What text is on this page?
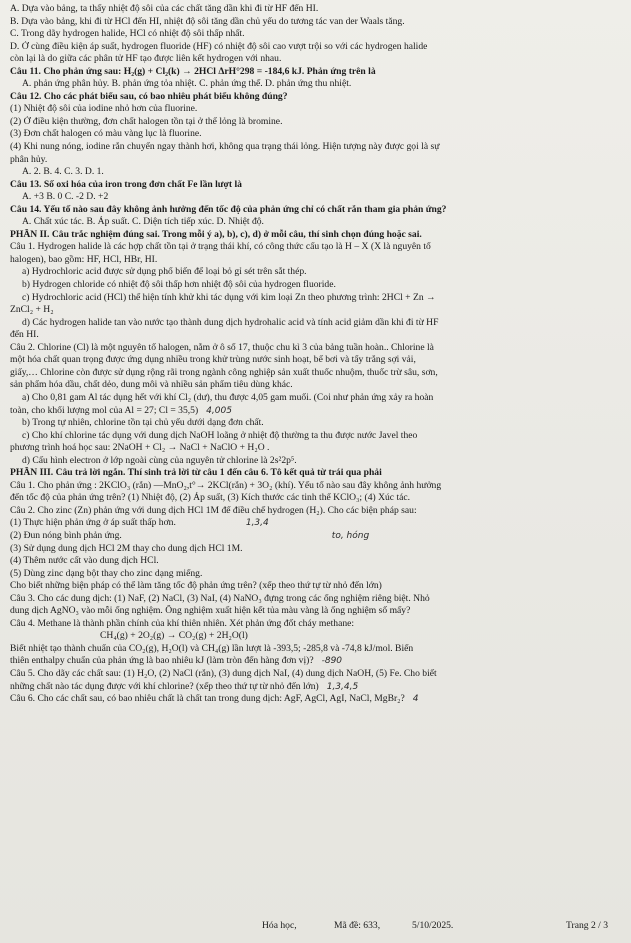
A. Dựa vào bảng, ta thấy nhiệt độ sôi của các chất tăng dần khi đi từ HF đến HI.
B. Dựa vào bảng, khi đi từ HCl đến HI, nhiệt độ sôi tăng dần chủ yếu do tương tác van der Waals tăng.
C. Trong dãy hydrogen halide, HCl có nhiệt độ sôi thấp nhất.
D. Ở cùng điều kiện áp suất, hydrogen fluoride (HF) có nhiệt độ sôi cao vượt trội so với các hydrogen halide
còn lại là do giữa các phân tử HF tạo được liên kết hydrogen với nhau.
Câu 11. Cho phản ứng sau: H₂(g) + Cl₂(k) → 2HCl ΔrH°298 = -184,6 kJ. Phản ứng trên là
A. phản ứng phân hủy. B. phản ứng tỏa nhiệt. C. phản ứng thế. D. phản ứng thu nhiệt.
Câu 12. Cho các phát biểu sau, có bao nhiêu phát biểu không đúng?
(1) Nhiệt độ sôi của iodine nhỏ hơn của fluorine.
(2) Ở điều kiện thường, đơn chất halogen tồn tại ở thể lỏng là bromine.
(3) Đơn chất halogen có màu vàng lục là fluorine.
(4) Khi nung nóng, iodine rắn chuyển ngay thành hơi, không qua trạng thái lỏng. Hiện tượng này được gọi là sự
phân hủy.
A. 2. B. 4. C. 3. D. 1.
Câu 13. Số oxi hóa của iron trong đơn chất Fe lần lượt là
A. +3 B. 0 C. -2 D. +2
Câu 14. Yếu tố nào sau đây không ảnh hưởng đến tốc độ của phản ứng chỉ có chất rắn tham gia phản ứng?
A. Chất xúc tác. B. Áp suất. C. Diện tích tiếp xúc. D. Nhiệt độ.
PHẦN II. Câu trắc nghiệm đúng sai. Trong mỗi ý a), b), c), d) ở mỗi câu, thí sinh chọn đúng hoặc sai.
Câu 1. Hydrogen halide là các hợp chất tồn tại ở trạng thái khí, có công thức cấu tạo là H – X (X là nguyên tố
halogen), bao gồm: HF, HCl, HBr, HI.
a) Hydrochloric acid được sử dụng phổ biến để loại bỏ gỉ sét trên sắt thép.
b) Hydrogen chloride có nhiệt độ sôi thấp hơn nhiệt độ sôi của hydrogen fluoride.
c) Hydrochloric acid (HCl) thể hiện tính khử khi tác dụng với kim loại Zn theo phương trình: 2HCl + Zn →
ZnCl₂ + H₂
d) Các hydrogen halide tan vào nước tạo thành dung dịch hydrohalic acid và tính acid giảm dần khi đi từ HF
đến HI.
Câu 2. Chlorine (Cl) là một nguyên tố halogen, nằm ở ô số 17, thuộc chu kì 3 của bảng tuần hoàn.. Chlorine là
một hóa chất quan trọng được ứng dụng nhiều trong khử trùng nước sinh hoạt, bể bơi và tẩy trắng sợi vải,
giấy,… Chlorine còn được sử dụng rộng rãi trong ngành công nghiệp sản xuất thuốc nhuộm, thuốc trừ sâu, sơn,
sản phẩm hóa dầu, chất dẻo, dung môi và nhiều sản phẩm tiêu dùng khác.
a) Cho 0,81 gam Al tác dụng hết với khí Cl₂ (dư), thu được 4,05 gam muối. (Coi như phản ứng xảy ra hoàn
toàn, cho khối lượng mol của Al = 27; Cl = 35,5) 4,005
b) Trong tự nhiên, chlorine tồn tại chủ yếu dưới dạng đơn chất.
c) Cho khí chlorine tác dụng với dung dịch NaOH loãng ở nhiệt độ thường ta thu được nước Javel theo
phương trình hoá học sau: 2NaOH + Cl₂ → NaCl + NaClO + H₂O .
d) Cấu hình electron ở lớp ngoài cùng của nguyên tử chlorine là 2s²2p⁵.
PHẦN III. Câu trả lời ngắn. Thí sinh trả lời từ câu 1 đến câu 6. Tô kết quả từ trái qua phải
Câu 1. Cho phản ứng : 2KClO₃ (rắn) —MnO₂,t°→ 2KCl(rắn) + 3O₂ (khí). Yếu tố nào sau đây không ảnh hưởng
đến tốc độ của phản ứng trên? (1) Nhiệt độ, (2) Áp suất, (3) Kích thước các tinh thể KClO₃; (4) Xúc tác.
Câu 2. Cho zinc (Zn) phản ứng với dung dịch HCl 1M để điều chế hydrogen (H₂). Cho các biện pháp sau:
(1) Thực hiện phản ứng ở áp suất thấp hơn.	1,3,4
(2) Đun nóng bình phản ứng.	to, hóng
(3) Sử dụng dung dịch HCl 2M thay cho dung dịch HCl 1M.
(4) Thêm nước cất vào dung dịch HCl.
(5) Dùng zinc dạng bột thay cho zinc dạng miếng.
Cho biết những biện pháp có thể làm tăng tốc độ phản ứng trên? (xếp theo thứ tự từ nhỏ đến lớn)
Câu 3. Cho các dung dịch: (1) NaF, (2) NaCl, (3) NaI, (4) NaNO₃ đựng trong các ống nghiệm riêng biệt. Nhỏ
dung dịch AgNO₃ vào mỗi ống nghiệm. Ống nghiệm xuất hiện kết tủa màu vàng là ống nghiệm số mấy?
Câu 4. Methane là thành phần chính của khí thiên nhiên. Xét phản ứng đốt cháy methane:
CH₄(g) + 2O₂(g) → CO₂(g) + 2H₂O(l)
Biết nhiệt tạo thành chuẩn của CO₂(g), H₂O(l) và CH₄(g) lần lượt là -393,5; -285,8 và -74,8 kJ/mol. Biến
thiên enthalpy chuẩn của phản ứng là bao nhiêu kJ (làm tròn đến hàng đơn vị)? -890
Câu 5. Cho dãy các chất sau: (1) H₂O, (2) NaCl (rắn), (3) dung dịch NaI, (4) dung dịch NaOH, (5) Fe. Cho biết
những chất nào tác dụng được với khí chlorine? (xếp theo thứ tự từ nhỏ đến lớn) 1,3,4,5
Câu 6. Cho các chất sau, có bao nhiêu chất là chất tan trong dung dịch: AgF, AgCl, AgI, NaCl, MgBr₂? 4
Hóa học,	Mã đề: 633,	5/10/2025.	Trang 2 / 3
